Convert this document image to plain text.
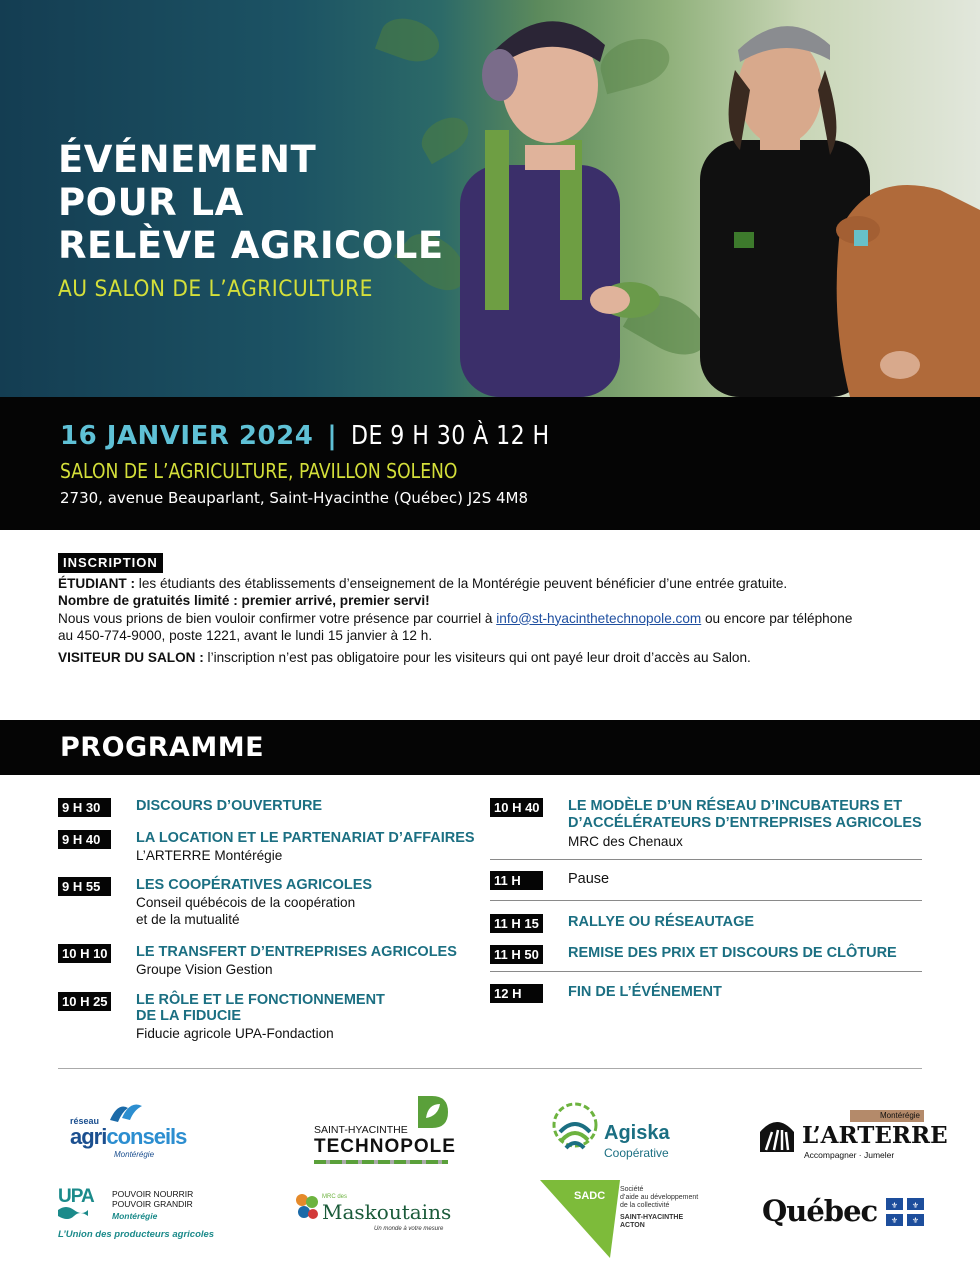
ÉVÉNEMENT
POUR LA
RELÈVE AGRICOLE
AU SALON DE L’AGRICULTURE
16 JANVIER 2024 | DE 9 H 30 À 12 H
SALON DE L’AGRICULTURE, PAVILLON SOLENO
2730, avenue Beauparlant, Saint-Hyacinthe (Québec) J2S 4M8
INSCRIPTION
ÉTUDIANT : les étudiants des établissements d’enseignement de la Montérégie peuvent bénéficier d’une entrée gratuite.
Nombre de gratuités limité : premier arrivé, premier servi!
Nous vous prions de bien vouloir confirmer votre présence par courriel à info@st-hyacinthetechnopole.com ou encore par téléphone
au 450-774-9000, poste 1221, avant le lundi 15 janvier à 12 h.
VISITEUR DU SALON : l’inscription n’est pas obligatoire pour les visiteurs qui ont payé leur droit d’accès au Salon.
PROGRAMME
9 H 30	DISCOURS D’OUVERTURE
9 H 40	LA LOCATION ET LE PARTENARIAT D’AFFAIRES
L’ARTERRE Montérégie
9 H 55	LES COOPÉRATIVES AGRICOLES
Conseil québécois de la coopération
et de la mutualité
10 H 10 LE TRANSFERT D’ENTREPRISES AGRICOLES
Groupe Vision Gestion
10 H 25 LE RÔLE ET LE FONCTIONNEMENT
DE LA FIDUCIE
Fiducie agricole UPA-Fondaction
10 H 40 LE MODÈLE D’UN RÉSEAU D’INCUBATEURS ET
D’ACCÉLÉRATEURS D’ENTREPRISES AGRICOLES
MRC des Chenaux
11 H	Pause
11 H 15 RALLYE OU RÉSEAUTAGE
11 H 50 REMISE DES PRIX ET DISCOURS DE CLÔTURE
12 H	FIN DE L’ÉVÉNEMENT
réseau
agriconseils
Montérégie
SAINT-HYACINTHE
TECHNOPOLE
Agiska
Coopérative
Montérégie
L’ARTERRE
Accompagner · Jumeler
UPA POUVOIR NOURRIR
POUVOIR GRANDIR
Montérégie
L’Union des producteurs agricoles
MRC des
Maskoutains
Un monde à votre mesure
SADC
Société
d’aide au développement
de la collectivité
SAINT-HYACINTHE
ACTON	Québec ⚜ ⚜
⚜ ⚜
